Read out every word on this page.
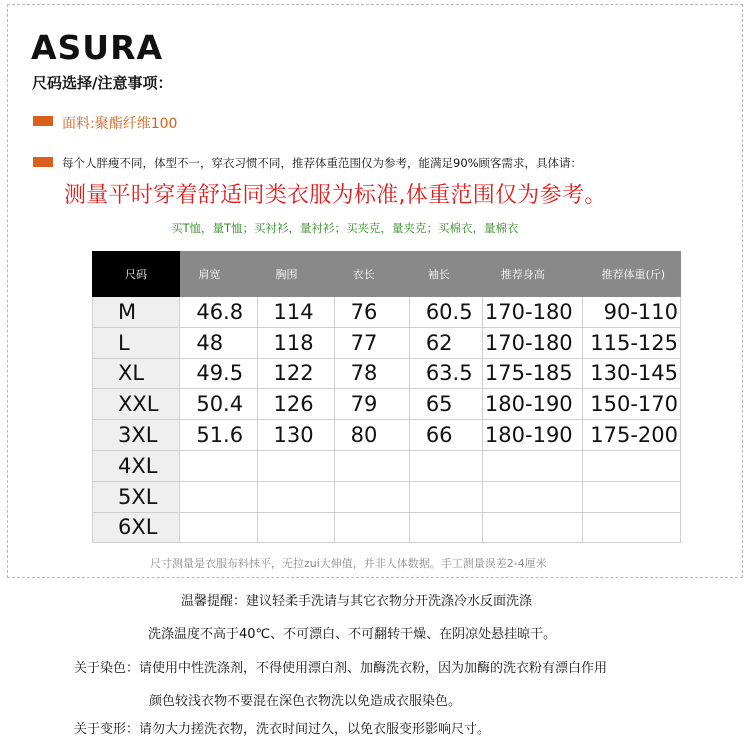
ASURA
尺码选择/注意事项：
面料:聚酯纤维100
每个人胖瘦不同，体型不一，穿衣习惯不同，推荐体重范围仅为参考，能满足90%顾客需求，具体请：
测量平时穿着舒适同类衣服为标准,体重范围仅为参考。
买T恤，量T恤；买衬衫，量衬衫；买夹克，量夹克；买棉衣，量棉衣
尺码	肩宽	胸围	衣长	袖长	推荐身高	推荐体重(斤)
M	46.8	114	76	60.5	170-180	90-110
L	48	118	77	62	170-180	115-125
XL	49.5	122	78	63.5	175-185	130-145
XXL	50.4	126	79	65	180-190	150-170
3XL	51.6	130	80	66	180-190	175-200
4XL						
5XL						
6XL						
尺寸测量是衣服布料抹平，无拉zui大伸值，并非人体数据。手工测量误差2-4厘米
温馨提醒：建议轻柔手洗请与其它衣物分开洗涤冷水反面洗涤
洗涤温度不高于40℃、不可漂白、不可翻转干燥、在阴凉处悬挂晾干。
关于染色：请使用中性洗涤剂，不得使用漂白剂、加酶洗衣粉，因为加酶的洗衣粉有漂白作用
颜色较浅衣物不要混在深色衣物洗以免造成衣服染色。
关于变形：请勿大力搓洗衣物，洗衣时间过久，以免衣服变形影响尺寸。
